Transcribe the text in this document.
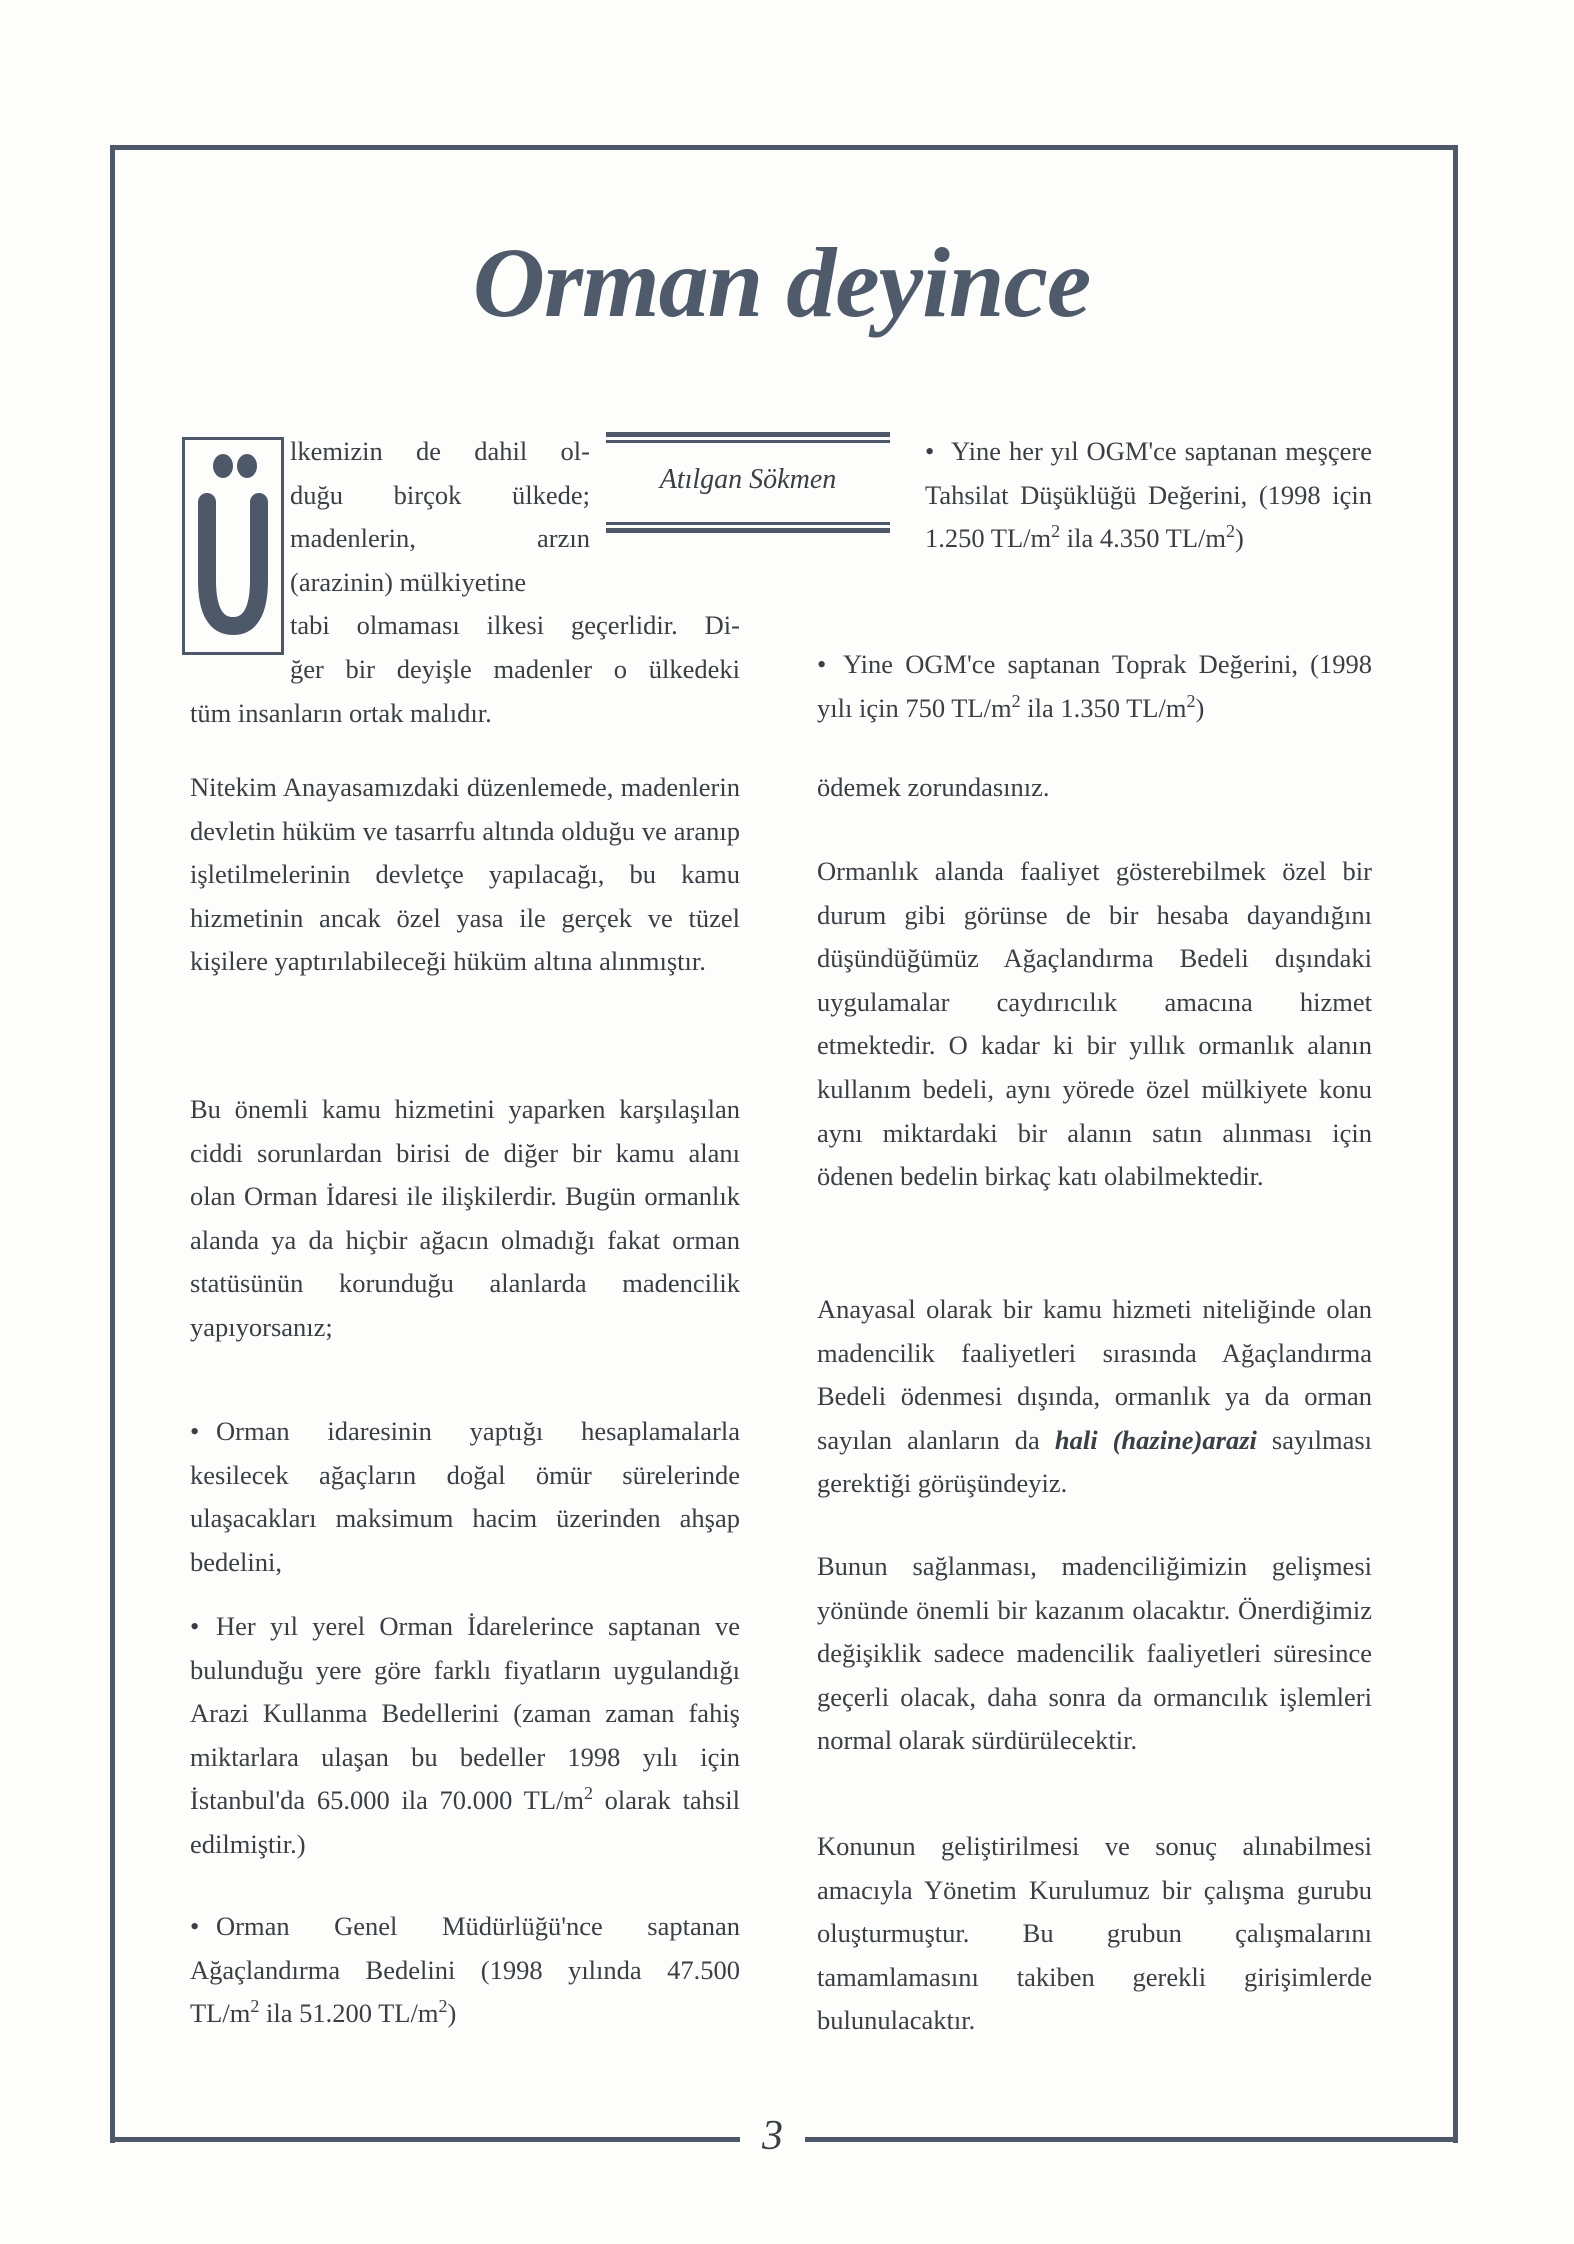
3
Orman deyince
lkemizin de dahil ol-
duğu birçok ülkede;
madenlerin, arzın
(arazinin) mülkiyetine
tabi olmaması ilkesi geçerlidir. Di-
ğer bir deyişle madenler o ülkedeki
tüm insanların ortak malıdır.
Atılgan Sökmen

Nitekim Anayasamızdaki düzenlemede, madenlerin devletin hüküm ve tasarrfu altında olduğu ve aranıp işletilmelerinin devletçe yapılacağı, bu kamu hizmetinin ancak özel yasa ile gerçek ve tüzel kişilere yaptırılabileceği hüküm altına alınmıştır.

Bu önemli kamu hizmetini yaparken karşılaşılan ciddi sorunlardan birisi de diğer bir kamu alanı olan Orman İdaresi ile ilişkilerdir. Bugün ormanlık alanda ya da hiçbir ağacın olmadığı fakat orman statüsünün korunduğu alanlarda madencilik yapıyorsanız;

• Orman idaresinin yaptığı hesaplamalarla kesilecek ağaçların doğal ömür sürelerinde ulaşacakları maksimum hacim üzerinden ahşap bedelini,

• Her yıl yerel Orman İdarelerince saptanan ve bulunduğu yere göre farklı fiyatların uygulandığı Arazi Kullanma Bedellerini (zaman zaman fahiş miktarlara ulaşan bu bedeller 1998 yılı için İstanbul'da 65.000 ila 70.000 $TL/m^2$ olarak tahsil edilmiştir.)

• Orman Genel Müdürlüğü'nce saptanan Ağaçlandırma Bedelini (1998 yılında 47.500 $TL/m^2$ ila 51.200 $TL/m^2$)

• Yine her yıl OGM'ce saptanan meşçere Tahsilat Düşüklüğü Değerini, (1998 için 1.250 $TL/m^2$ ila 4.350 $TL/m^2$)

• Yine OGM'ce saptanan Toprak Değerini, (1998 yılı için 750 $TL/m^2$ ila 1.350 $TL/m^2$)

ödemek zorundasınız.

Ormanlık alanda faaliyet gösterebilmek özel bir durum gibi görünse de bir hesaba dayandığını düşündüğümüz Ağaçlandırma Bedeli dışındaki uygulamalar caydırıcılık amacına hizmet etmektedir. O kadar ki bir yıllık ormanlık alanın kullanım bedeli, aynı yörede özel mülkiyete konu aynı miktardaki bir alanın satın alınması için ödenen bedelin birkaç katı olabilmektedir.

Anayasal olarak bir kamu hizmeti niteliğinde olan madencilik faaliyetleri sırasında Ağaçlandırma Bedeli ödenmesi dışında, ormanlık ya da orman sayılan alanların da hali (hazine)arazi sayılması gerektiği görüşündeyiz.

Bunun sağlanması, madenciliğimizin gelişmesi yönünde önemli bir kazanım olacaktır. Önerdiğimiz değişiklik sadece madencilik faaliyetleri süresince geçerli olacak, daha sonra da ormancılık işlemleri normal olarak sürdürülecektir.

Konunun geliştirilmesi ve sonuç alınabilmesi amacıyla Yönetim Kurulumuz bir çalışma gurubu oluşturmuştur. Bu grubun çalışmalarını tamamlamasını takiben gerekli girişimlerde bulunulacaktır.
